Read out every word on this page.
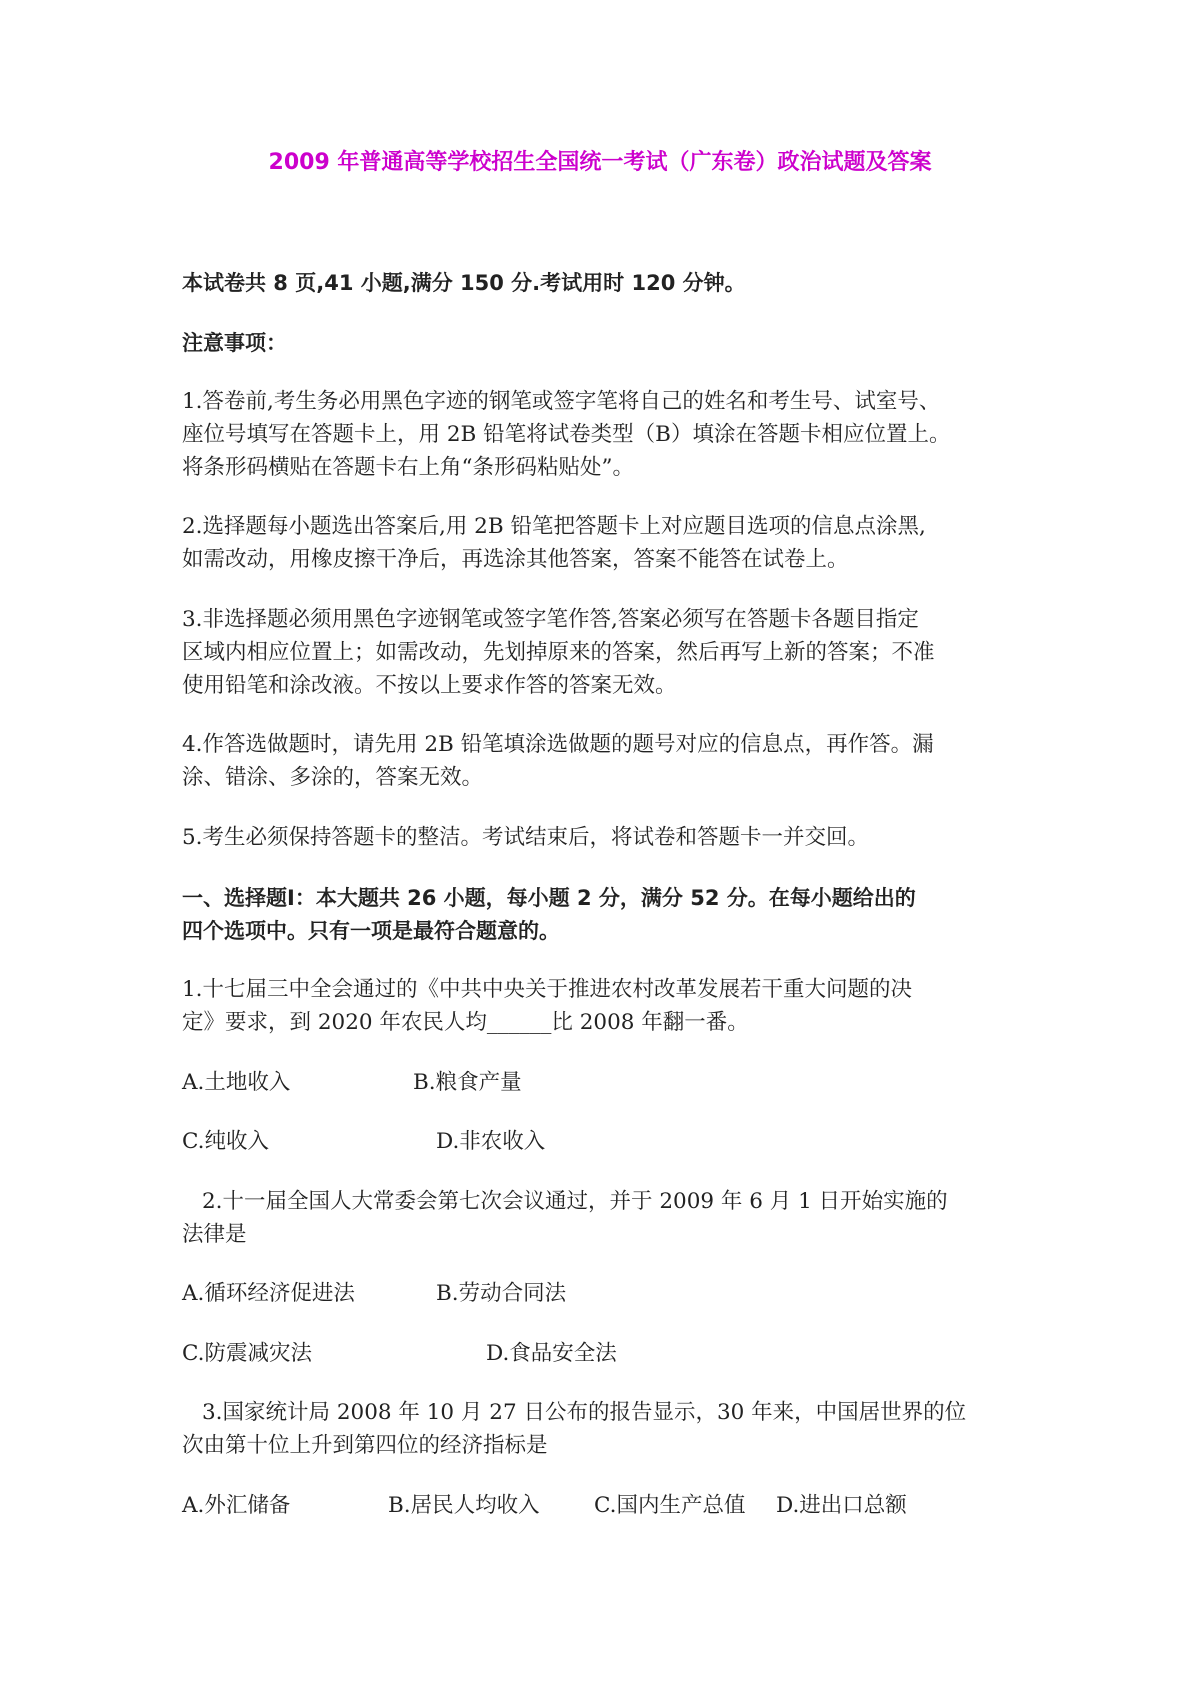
2009 年普通高等学校招生全国统一考试（广东卷）政治试题及答案
本试卷共 8 页,41 小题,满分 150 分.考试用时 120 分钟。
注意事项：
1.答卷前,考生务必用黑色字迹的钢笔或签字笔将自己的姓名和考生号、试室号、
座位号填写在答题卡上，用 2B 铅笔将试卷类型（B）填涂在答题卡相应位置上。
将条形码横贴在答题卡右上角“条形码粘贴处”。
2.选择题每小题选出答案后,用 2B 铅笔把答题卡上对应题目选项的信息点涂黑,
如需改动，用橡皮擦干净后，再选涂其他答案，答案不能答在试卷上。
3.非选择题必须用黑色字迹钢笔或签字笔作答,答案必须写在答题卡各题目指定
区域内相应位置上；如需改动，先划掉原来的答案，然后再写上新的答案；不准
使用铅笔和涂改液。不按以上要求作答的答案无效。
4.作答选做题时，请先用 2B 铅笔填涂选做题的题号对应的信息点，再作答。漏
涂、错涂、多涂的，答案无效。
5.考生必须保持答题卡的整洁。考试结束后，将试卷和答题卡一并交回。
一、选择题Ⅰ：本大题共 26 小题，每小题 2 分，满分 52 分。在每小题给出的
四个选项中。只有一项是最符合题意的。
1.十七届三中全会通过的《中共中央关于推进农村改革发展若干重大问题的决
定》要求，到 2020 年农民人均______比 2008 年翻一番。
A.土地收入	B.粮食产量
C.纯收入	D.非农收入
2.十一届全国人大常委会第七次会议通过，并于 2009 年 6 月 1 日开始实施的
法律是
A.循环经济促进法	B.劳动合同法
C.防震减灾法	D.食品安全法
3.国家统计局 2008 年 10 月 27 日公布的报告显示，30 年来，中国居世界的位
次由第十位上升到第四位的经济指标是
A.外汇储备	B.居民人均收入	C.国内生产总值 D.进出口总额
